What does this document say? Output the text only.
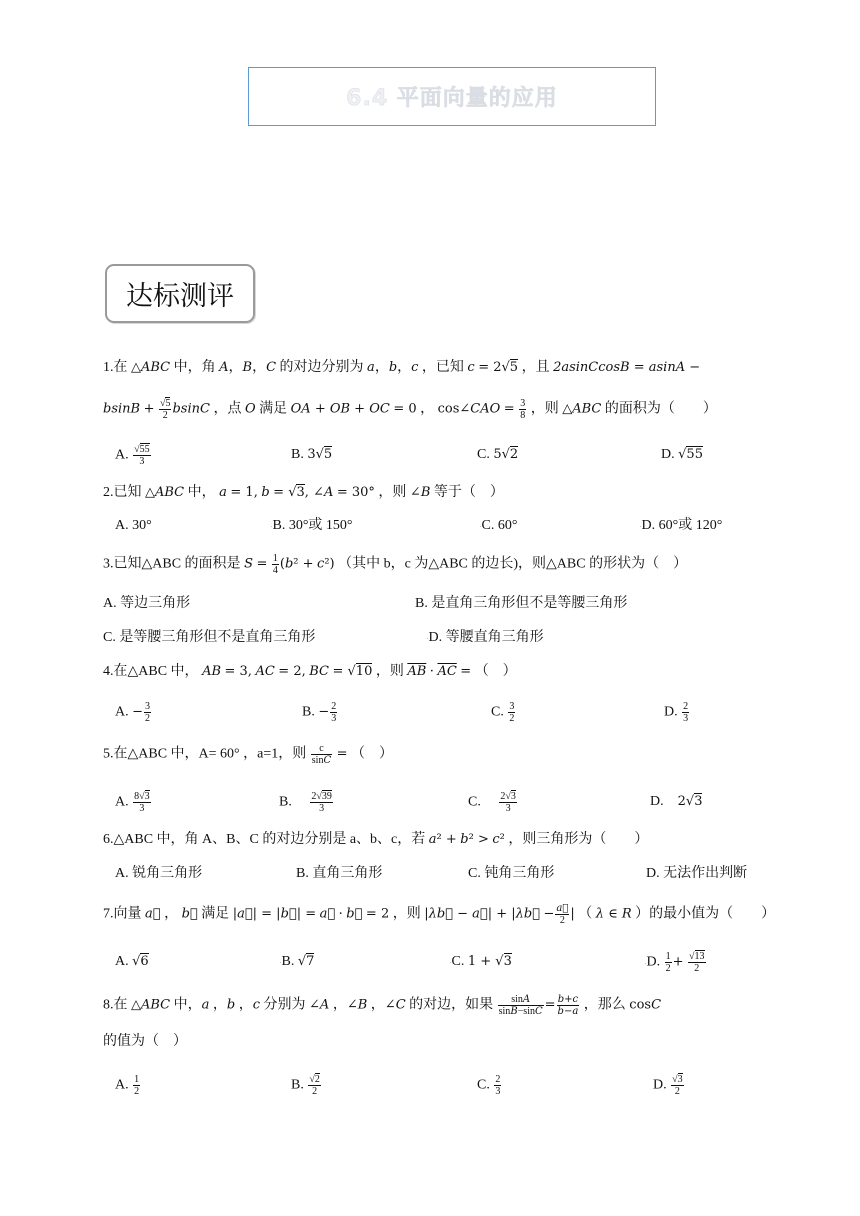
6.4 平面向量的应用
达标测评
1.在 △ABC 中，角 A，B，C 的对边分别为 a，b，c ，已知 c = 2√5 ，且 2asinCcosB = asinA −
$bsinB + \frac{√5}{2}$ bsinC ，点 O 满足 OA + OB + OC = 0 ， cos∠CAO = $\frac{3}{8}$ ，则 △ABC 的面积为（　　）
A. $\frac{√55}{3}$	B. 3√5	C. 5√2	D. √55
2.已知 △ABC 中， a = 1, b = √3, ∠A = 30° ，则 ∠B 等于（　）
A. 30°	.B. 30°或 150°	.C. 60°	.D. 60°或 120°
3.已知△ABC 的面积是 $S = \frac{1}{4} (b^2 + c^2)$ （其中 b，c 为△ABC 的边长)，则△ABC 的形状为（　）
A. 等边三角形	B. 是直角三角形但不是等腰三角形
C. 是等腰三角形但不是直角三角形	.D. 等腰直角三角形
4.在△ABC 中， AB = 3, AC = 2, BC = √10 ，则 $\overline{AB} \cdot \overline{AC}$ = （　）
A. − $\frac{3}{2}$	B. − $\frac{2}{3}$	C. $\frac{3}{2}$	D. $\frac{2}{3}$
5.在△ABC 中，A= 60° ，a=1，则 $\frac{c}{\sin C}$ = （　）
A. $\frac{8√3}{3}$	B. $\frac{2√39}{3}$	C. $\frac{2√3}{3}$	D.    2√3
6.△ABC 中，角 A、B、C 的对边分别是 a、b、c，若 a² + b² > c² ，则三角形为（　　）
A. 锐角三角形	B. 直角三角形	C. 钝角三角形	D. 无法作出判断
7.向量 a⃗ ， b⃗ 满足 |a⃗| = |b⃗| = a⃗ · b⃗ = 2 ，则 |λb⃗ − a⃗| + |λb⃗ − $\frac{a⃗}{2}$ | （ λ ∈ R ）的最小值为（　　）
A. √6	.B. √7	.C. 1 + √3	.D. $\frac{1}{2} + \frac{√13}{2}$
8.在 △ABC 中，a ，b ，c 分别为 ∠A ，∠B ，∠C 的对边，如果 $\frac{\sin A}{\sin B-\sin C} = \frac{b+c}{b-a}$ ，那么 cosC
的值为（　）
A. $\frac{1}{2}$	B. $\frac{√2}{2}$	C. $\frac{2}{3}$	D. $\frac{√3}{2}$
